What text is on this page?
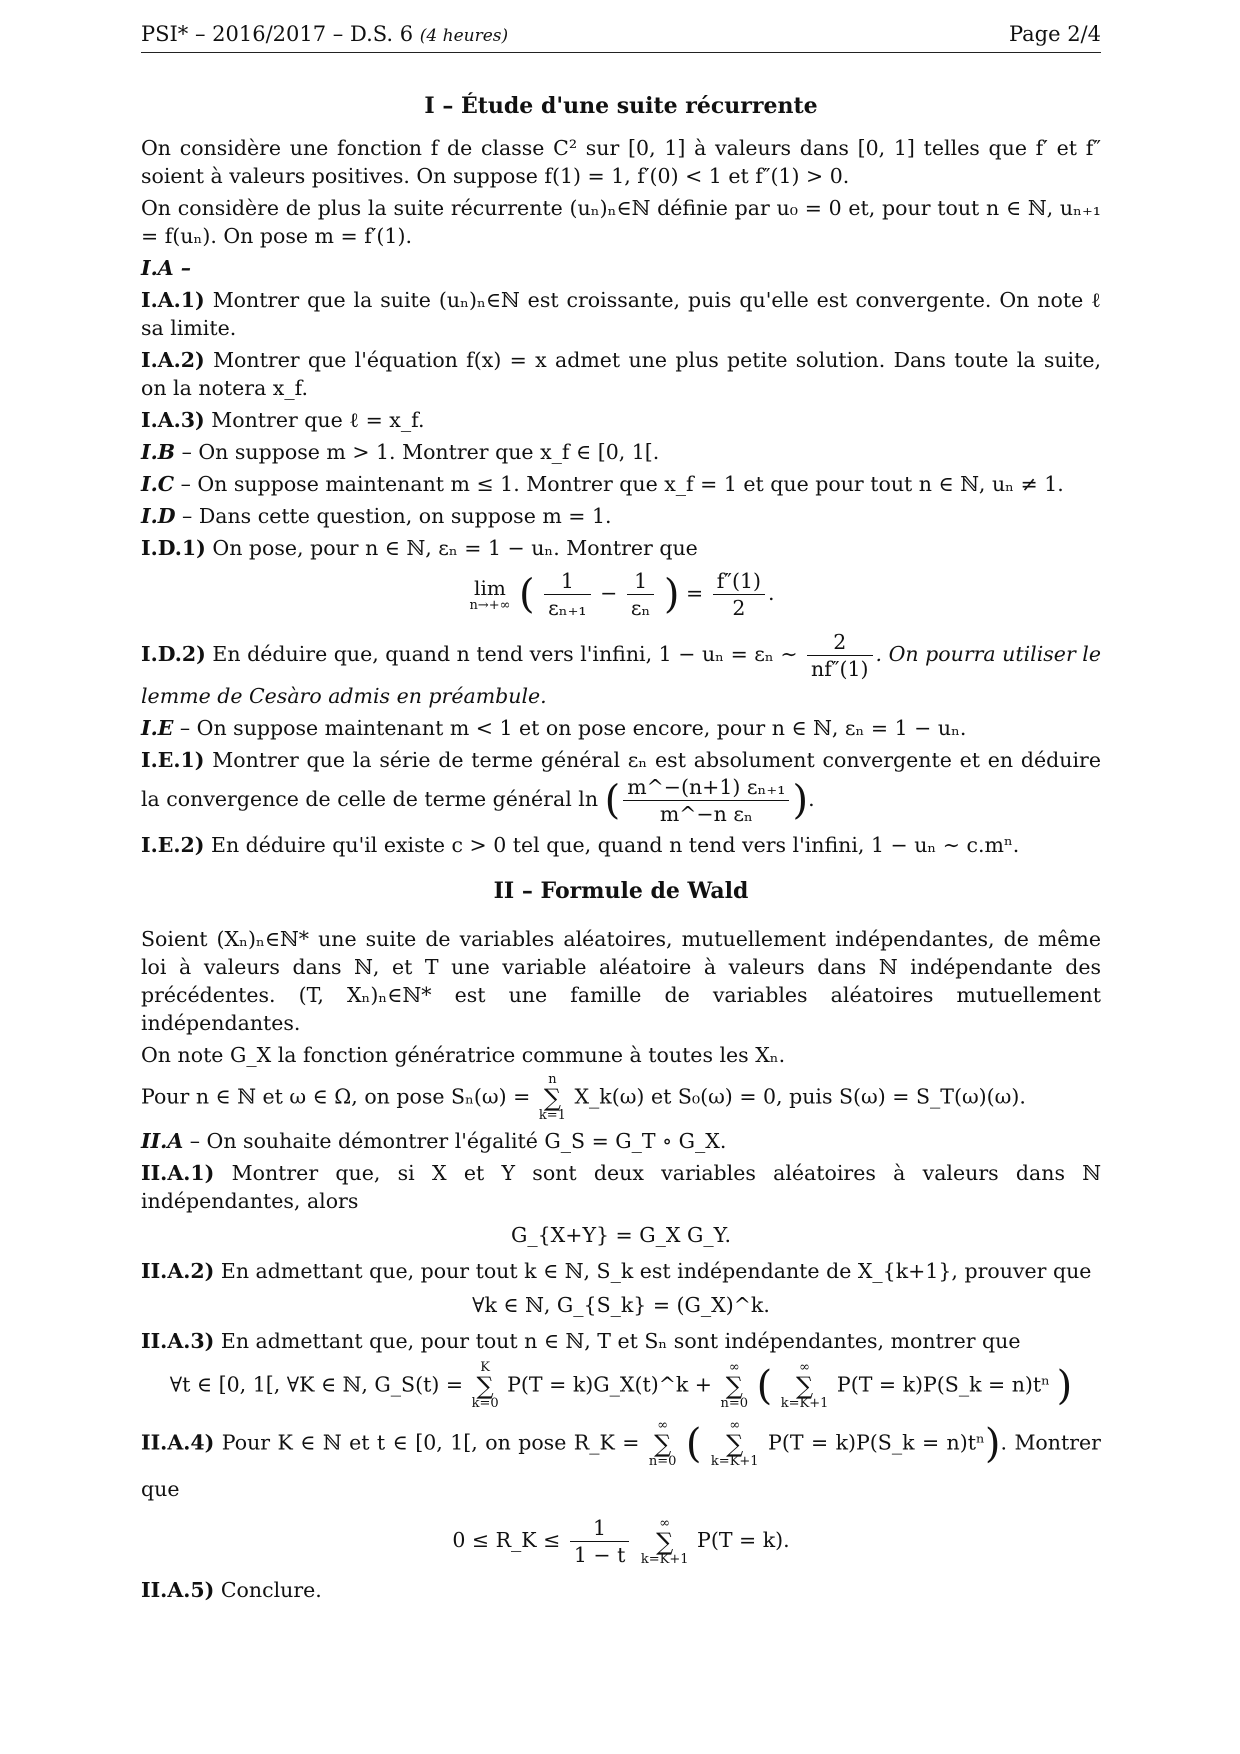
PSI* – 2016/2017 – D.S. 6 (4 heures)	Page 2/4
I – Étude d'une suite récurrente

On considère une fonction f de classe C² sur [0, 1] à valeurs dans [0, 1] telles que f′ et f″ soient à valeurs positives. On suppose f(1) = 1, f′(0) < 1 et f″(1) > 0.

On considère de plus la suite récurrente (uₙ)ₙ∈ℕ définie par u₀ = 0 et, pour tout n ∈ ℕ, uₙ₊₁ = f(uₙ). On pose m = f′(1).

I.A –

I.A.1) Montrer que la suite (uₙ)ₙ∈ℕ est croissante, puis qu'elle est convergente. On note ℓ sa limite.

I.A.2) Montrer que l'équation f(x) = x admet une plus petite solution. Dans toute la suite, on la notera x_f.

I.A.3) Montrer que ℓ = x_f.

I.B – On suppose m > 1. Montrer que x_f ∈ [0, 1[.

I.C – On suppose maintenant m ≤ 1. Montrer que x_f = 1 et que pour tout n ∈ ℕ, uₙ ≠ 1.

I.D – Dans cette question, on suppose m = 1.

I.D.1) On pose, pour n ∈ ℕ, εₙ = 1 − uₙ. Montrer que

lim
n→+∞ ( $\frac{1}{\text{εₙ₊₁}} - \frac{1}{\text{εₙ}}$ ) = $\frac{f''(1)}{2}$ .

I.D.2) En déduire que, quand n tend vers l'infini, 1 − uₙ = εₙ ∼ $\frac{2}{nf''(1)}$ . On pourra utiliser le lemme de Cesàro admis en préambule.

I.E – On suppose maintenant m < 1 et on pose encore, pour n ∈ ℕ, εₙ = 1 − uₙ.

I.E.1) Montrer que la série de terme général εₙ est absolument convergente et en déduire la convergence de celle de terme général ln ( $\frac{\text{m\textasciicircum{}−(n+1) εₙ₊₁}}{\text{m\textasciicircum{}−n εₙ}}$ ).

I.E.2) En déduire qu'il existe c > 0 tel que, quand n tend vers l'infini, 1 − uₙ ∼ c.mⁿ.

II – Formule de Wald

Soient (Xₙ)ₙ∈ℕ* une suite de variables aléatoires, mutuellement indépendantes, de même loi à valeurs dans ℕ, et T une variable aléatoire à valeurs dans ℕ indépendante des précédentes. (T, Xₙ)ₙ∈ℕ* est une famille de variables aléatoires mutuellement indépendantes.

On note G_X la fonction génératrice commune à toutes les Xₙ.

Pour n ∈ ℕ et ω ∈ Ω, on pose Sₙ(ω) = n
∑
k=1 X_k(ω) et S₀(ω) = 0, puis S(ω) = S_T(ω)(ω).

II.A – On souhaite démontrer l'égalité G_S = G_T ∘ G_X.

II.A.1) Montrer que, si X et Y sont deux variables aléatoires à valeurs dans ℕ indépendantes, alors

G_{X+Y} = G_X G_Y.

II.A.2) En admettant que, pour tout k ∈ ℕ, S_k est indépendante de X_{k+1}, prouver que

∀k ∈ ℕ, G_{S_k} = (G_X)^k.

II.A.3) En admettant que, pour tout n ∈ ℕ, T et Sₙ sont indépendantes, montrer que

∀t ∈ [0, 1[, ∀K ∈ ℕ, G_S(t) = K
∑
k=0 P(T = k)G_X(t)^k + ∞
∑
n=0 ( ∞
∑
k=K+1 P(T = k)P(S_k = n)tⁿ )

II.A.4) Pour K ∈ ℕ et t ∈ [0, 1[, on pose R_K = ∞
∑
n=0 ( ∞
∑
k=K+1 P(T = k)P(S_k = n)tⁿ). Montrer que

0 ≤ R_K ≤ $\frac{1}{1 - t}$ ∞
∑
k=K+1 P(T = k).

II.A.5) Conclure.
